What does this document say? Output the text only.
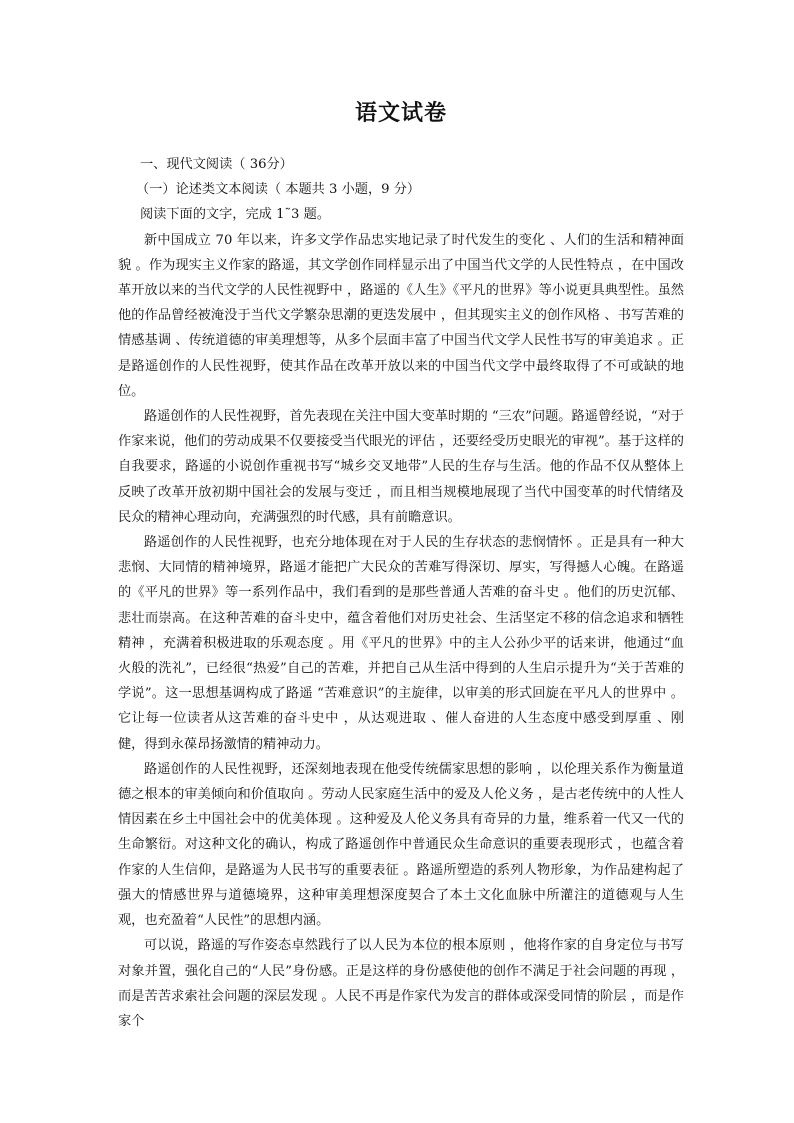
语文试卷

一、现代文阅读（ 36分）

（一）论述类文本阅读（ 本题共 3 小题，9 分）

阅读下面的文字，完成 1˜3 题。

新中国成立 70 年以来，许多文学作品忠实地记录了时代发生的变化 、人们的生活和精神面貌 。作为现实主义作家的路遥，其文学创作同样显示出了中国当代文学的人民性特点 ，在中国改革开放以来的当代文学的人民性视野中 ，路遥的《人生》《平凡的世界》等小说更具典型性。虽然他的作品曾经被淹没于当代文学繁杂思潮的更迭发展中 ，但其现实主义的创作风格 、书写苦难的情感基调 、传统道德的审美理想等，从多个层面丰富了中国当代文学人民性书写的审美追求 。正是路遥创作的人民性视野，使其作品在改革开放以来的中国当代文学中最终取得了不可或缺的地位。

路遥创作的人民性视野，首先表现在关注中国大变革时期的 “三农”问题。路遥曾经说，“对于作家来说，他们的劳动成果不仅要接受当代眼光的评估 ，还要经受历史眼光的审视”。基于这样的自我要求，路遥的小说创作重视书写“城乡交叉地带”人民的生存与生活。他的作品不仅从整体上反映了改革开放初期中国社会的发展与变迁 ，而且相当规模地展现了当代中国变革的时代情绪及民众的精神心理动向，充满强烈的时代感，具有前瞻意识。

路遥创作的人民性视野，也充分地体现在对于人民的生存状态的悲悯情怀 。正是具有一种大悲悯、大同情的精神境界，路遥才能把广大民众的苦难写得深切、厚实，写得撼人心魄。在路遥的《平凡的世界》等一系列作品中，我们看到的是那些普通人苦难的奋斗史 。他们的历史沉郁、悲壮而崇高。在这种苦难的奋斗史中，蕴含着他们对历史社会、生活坚定不移的信念追求和牺牲精神 ，充满着积极进取的乐观态度 。用《平凡的世界》中的主人公孙少平的话来讲，他通过“血火般的洗礼”，已经很“热爱”自己的苦难，并把自己从生活中得到的人生启示提升为“关于苦难的学说”。这一思想基调构成了路遥 “苦难意识”的主旋律，以审美的形式回旋在平凡人的世界中 。它让每一位读者从这苦难的奋斗史中 ，从达观进取 、催人奋进的人生态度中感受到厚重 、刚健，得到永葆昂扬激情的精神动力。

路遥创作的人民性视野，还深刻地表现在他受传统儒家思想的影响 ，以伦理关系作为衡量道德之根本的审美倾向和价值取向 。劳动人民家庭生活中的爱及人伦义务 ，是古老传统中的人性人情因素在乡土中国社会中的优美体现 。这种爱及人伦义务具有奇异的力量，维系着一代又一代的生命繁衍。对这种文化的确认，构成了路遥创作中普通民众生命意识的重要表现形式 ，也蕴含着作家的人生信仰，是路遥为人民书写的重要表征 。路遥所塑造的系列人物形象，为作品建构起了强大的情感世界与道德境界，这种审美理想深度契合了本土文化血脉中所灌注的道德观与人生观，也充盈着“人民性”的思想内涵。

可以说，路遥的写作姿态卓然践行了以人民为本位的根本原则 ，他将作家的自身定位与书写对象并置，强化自己的“人民”身份感。正是这样的身份感使他的创作不满足于社会问题的再现 ，而是苦苦求索社会问题的深层发现 。人民不再是作家代为发言的群体或深受同情的阶层 ，而是作家个
